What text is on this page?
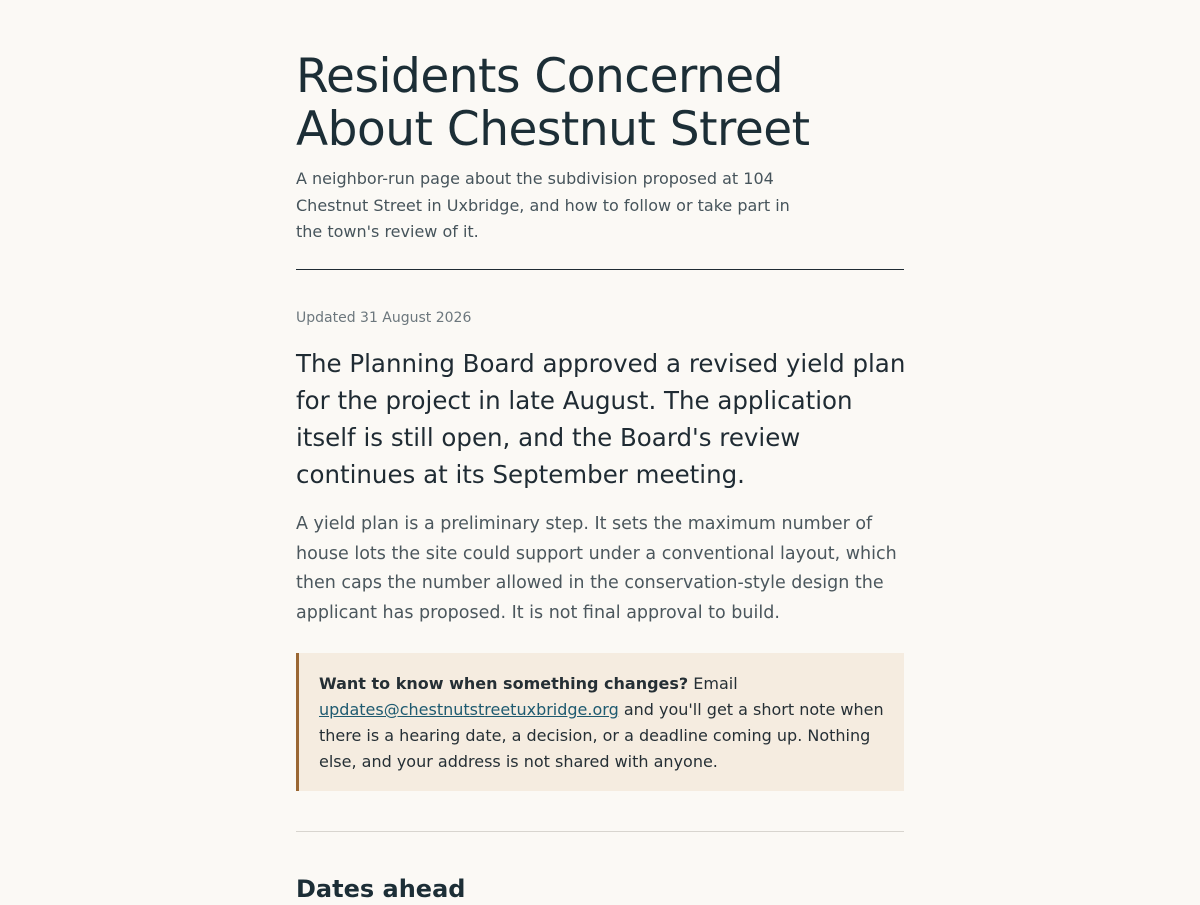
Residents Concerned About Chestnut Street

A neighbor-run page about the subdivision proposed at 104 Chestnut Street in Uxbridge, and how to follow or take part in the town's review of it.

Updated 31 August 2026

The Planning Board approved a revised yield plan for the project in late August. The application itself is still open, and the Board's review continues at its September meeting.

A yield plan is a preliminary step. It sets the maximum number of house lots the site could support under a conventional layout, which then caps the number allowed in the conservation-style design the applicant has proposed. It is not final approval to build.

Want to know when something changes? Email updates@chestnutstreetuxbridge.org and you'll get a short note when there is a hearing date, a decision, or a deadline coming up. Nothing else, and your address is not shared with anyone.

Dates ahead
